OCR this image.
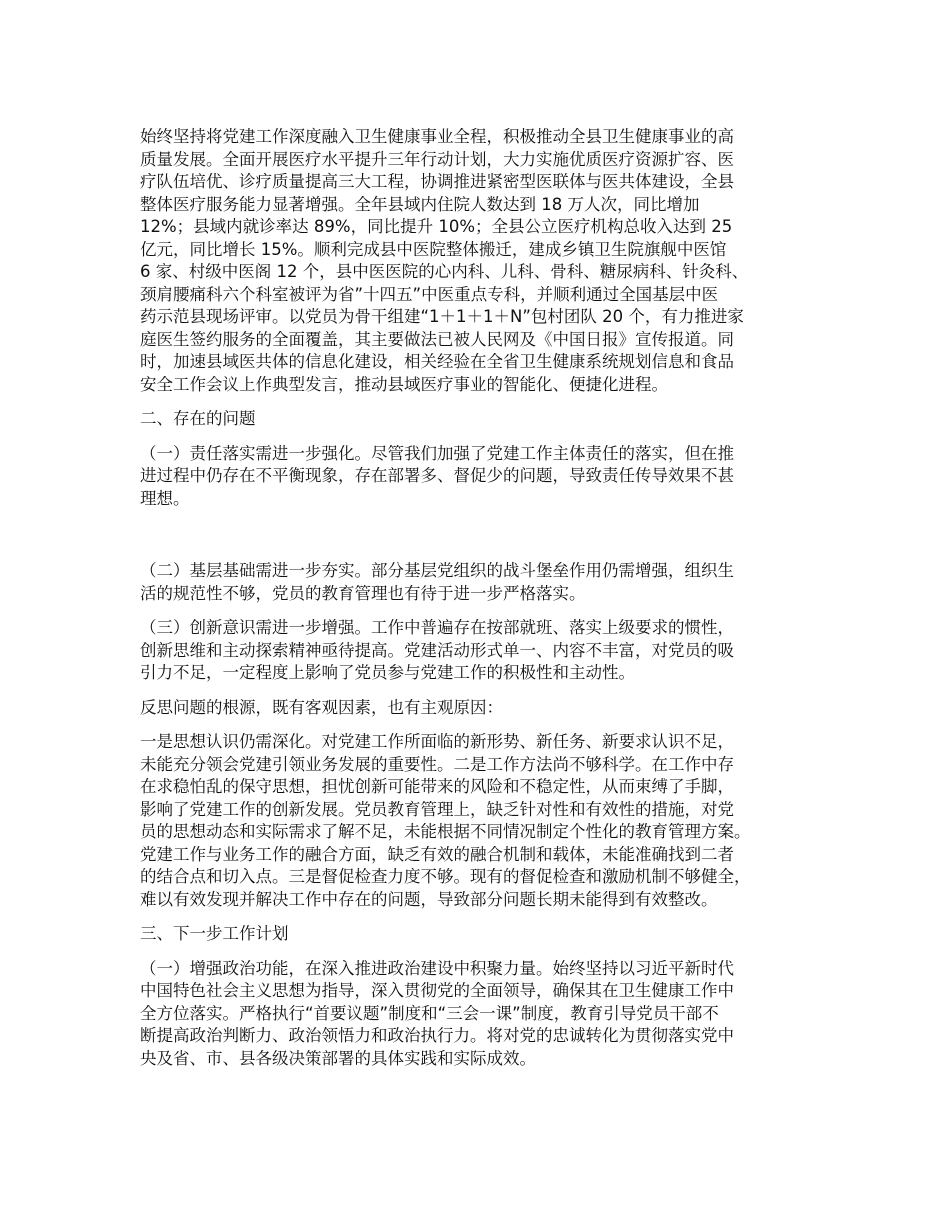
始终坚持将党建工作深度融入卫生健康事业全程，积极推动全县卫生健康事业的高
质量发展。全面开展医疗水平提升三年行动计划，大力实施优质医疗资源扩容、医
疗队伍培优、诊疗质量提高三大工程，协调推进紧密型医联体与医共体建设，全县
整体医疗服务能力显著增强。全年县域内住院人数达到 18 万人次，同比增加
12%；县域内就诊率达 89%，同比提升 10%；全县公立医疗机构总收入达到 25
亿元，同比增长 15%。顺利完成县中医院整体搬迁，建成乡镇卫生院旗舰中医馆
6 家、村级中医阁 12 个，县中医医院的心内科、儿科、骨科、糖尿病科、针灸科、
颈肩腰痛科六个科室被评为省”十四五”中医重点专科，并顺利通过全国基层中医
药示范县现场评审。以党员为骨干组建“1＋1＋1＋N”包村团队 20 个，有力推进家
庭医生签约服务的全面覆盖，其主要做法已被人民网及《中国日报》宣传报道。同
时，加速县域医共体的信息化建设，相关经验在全省卫生健康系统规划信息和食品
安全工作会议上作典型发言，推动县域医疗事业的智能化、便捷化进程。
二、存在的问题
（一）责任落实需进一步强化。尽管我们加强了党建工作主体责任的落实，但在推
进过程中仍存在不平衡现象，存在部署多、督促少的问题，导致责任传导效果不甚
理想。
（二）基层基础需进一步夯实。部分基层党组织的战斗堡垒作用仍需增强，组织生
活的规范性不够，党员的教育管理也有待于进一步严格落实。
（三）创新意识需进一步增强。工作中普遍存在按部就班、落实上级要求的惯性，
创新思维和主动探索精神亟待提高。党建活动形式单一、内容不丰富，对党员的吸
引力不足，一定程度上影响了党员参与党建工作的积极性和主动性。
反思问题的根源，既有客观因素，也有主观原因：
一是思想认识仍需深化。对党建工作所面临的新形势、新任务、新要求认识不足，
未能充分领会党建引领业务发展的重要性。二是工作方法尚不够科学。在工作中存
在求稳怕乱的保守思想，担忧创新可能带来的风险和不稳定性，从而束缚了手脚，
影响了党建工作的创新发展。党员教育管理上，缺乏针对性和有效性的措施，对党
员的思想动态和实际需求了解不足，未能根据不同情况制定个性化的教育管理方案。
党建工作与业务工作的融合方面，缺乏有效的融合机制和载体，未能准确找到二者
的结合点和切入点。三是督促检查力度不够。现有的督促检查和激励机制不够健全，
难以有效发现并解决工作中存在的问题，导致部分问题长期未能得到有效整改。
三、下一步工作计划
（一）增强政治功能，在深入推进政治建设中积聚力量。始终坚持以习近平新时代
中国特色社会主义思想为指导，深入贯彻党的全面领导，确保其在卫生健康工作中
全方位落实。严格执行“首要议题”制度和“三会一课”制度，教育引导党员干部不
断提高政治判断力、政治领悟力和政治执行力。将对党的忠诚转化为贯彻落实党中
央及省、市、县各级决策部署的具体实践和实际成效。
